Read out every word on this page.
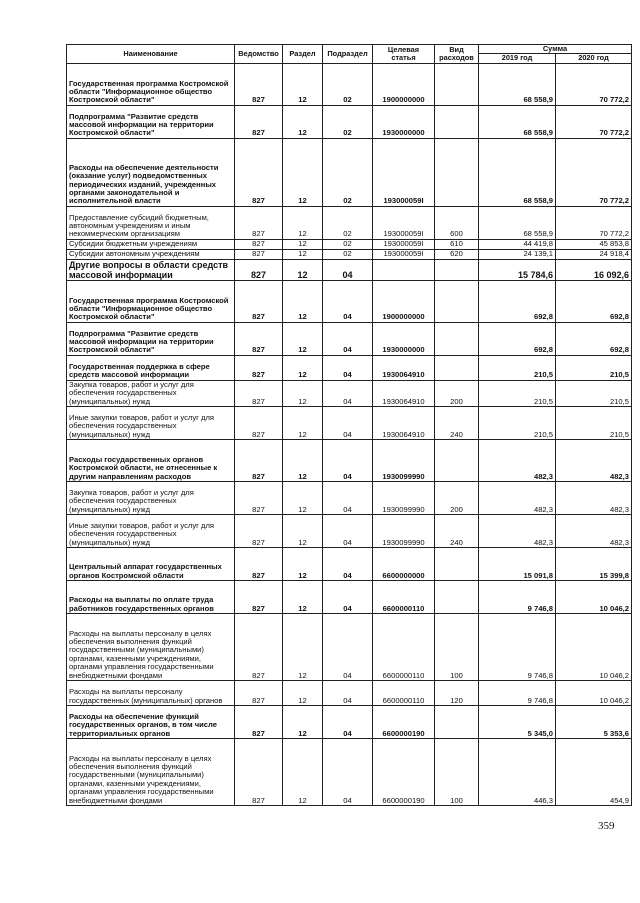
Наименование	Ведомство	Раздел	Подраздел	Целевая статья	Вид расходов	Сумма	
						2019 год	2020 год
Государственная программа Костромской области "Информационное общество Костромской области"	827	12	02	1900000000		68 558,9	70 772,2
Подпрограмма "Развитие средств массовой информации на территории Костромской области"	827	12	02	1930000000		68 558,9	70 772,2
Расходы на обеспечение деятельности (оказание услуг) подведомственных периодических изданий, учрежденных органами законодательной и исполнительной власти	827	12	02	193000059I		68 558,9	70 772,2
Предоставление субсидий бюджетным, автономным учреждениям и иным некоммерческим организациям	827	12	02	193000059I	600	68 558,9	70 772,2
Субсидии бюджетным учреждениям	827	12	02	193000059I	610	44 419,8	45 853,8
Субсидии автономным учреждениям	827	12	02	193000059I	620	24 139,1	24 918,4
Другие вопросы в области средств массовой информации	827	12	04			15 784,6	16 092,6
Государственная программа Костромской области "Информационное общество Костромской области"	827	12	04	1900000000		692,8	692,8
Подпрограмма "Развитие средств массовой информации на территории Костромской области"	827	12	04	1930000000		692,8	692,8
Государственная поддержка в сфере средств массовой информации	827	12	04	1930064910		210,5	210,5
Закупка товаров, работ и услуг для обеспечения государственных (муниципальных) нужд	827	12	04	1930064910	200	210,5	210,5
Иные закупки товаров, работ и услуг для обеспечения государственных (муниципальных) нужд	827	12	04	1930064910	240	210,5	210,5
Расходы государственных органов Костромской области, не отнесенные к другим направлениям расходов	827	12	04	1930099990		482,3	482,3
Закупка товаров, работ и услуг для обеспечения государственных (муниципальных) нужд	827	12	04	1930099990	200	482,3	482,3
Иные закупки товаров, работ и услуг для обеспечения государственных (муниципальных) нужд	827	12	04	1930099990	240	482,3	482,3
Центральный аппарат государственных органов Костромской области	827	12	04	6600000000		15 091,8	15 399,8
Расходы на выплаты по оплате труда работников государственных органов	827	12	04	6600000110		9 746,8	10 046,2
Расходы на выплаты персоналу в целях обеспечения выполнения функций государственными (муниципальными) органами, казенными учреждениями, органами управления государственными внебюджетными фондами	827	12	04	6600000110	100	9 746,8	10 046,2
Расходы на выплаты персоналу государственных (муниципальных) органов	827	12	04	6600000110	120	9 746,8	10 046,2
Расходы на обеспечение функций государственных органов, в том числе территориальных органов	827	12	04	6600000190		5 345,0	5 353,6
Расходы на выплаты персоналу в целях обеспечения выполнения функций государственными (муниципальными) органами, казенными учреждениями, органами управления государственными внебюджетными фондами	827	12	04	6600000190	100	446,3	454,9
359
